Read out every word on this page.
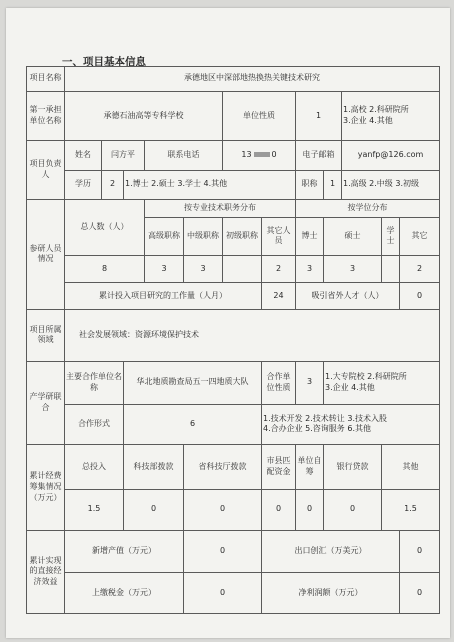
一、项目基本信息
项目名称	承德地区中深部地热换热关键技术研究											
第一承担单位名称	承德石油高等专科学校					单位性质		1		1.高校 2.科研院所
3.企业 4.其他		

项目负责人	姓名	闫方平		联系电话		13 0		电子邮箱		yanfp@126.com		
	学历	2	1.博士 2.硕士 3.学士 4.其他					职称	1	1.高级 2.中级 3.初级		
参研人员情况	总人数（人）			按专业技术职务分布				按学位分布				
				高级职称	中级职称	初级职称	其它人员	博士	硕士		学士	其它
	8			3	3		2	3	3			2
	累计投入项目研究的工作量（人月）						24	吸引省外人才（人）				0
项目所属领域	社会发展领域：资源环境保护技术											
产学研联合	主要合作单位名称		华北地质勘查局五一四地质大队				合作单位性质	3	1.大专院校 2.科研院所
3.企业 4.其他			

	合作形式		6				1.技术开发 2.技术转让 3.技术入股
4.合办企业 5.咨询服务 6.其他					

累计经费筹集情况（万元）	总投入		科技部拨款		省科技厅拨款		市县匹配资金	单位自筹	银行贷款		其他	
	1.5		0		0		0	0	0		1.5	
累计实现的直接经济效益	新增产值（万元）				0		出口创汇（万美元）					0
	上缴税金（万元）				0		净利润额（万元）					0
